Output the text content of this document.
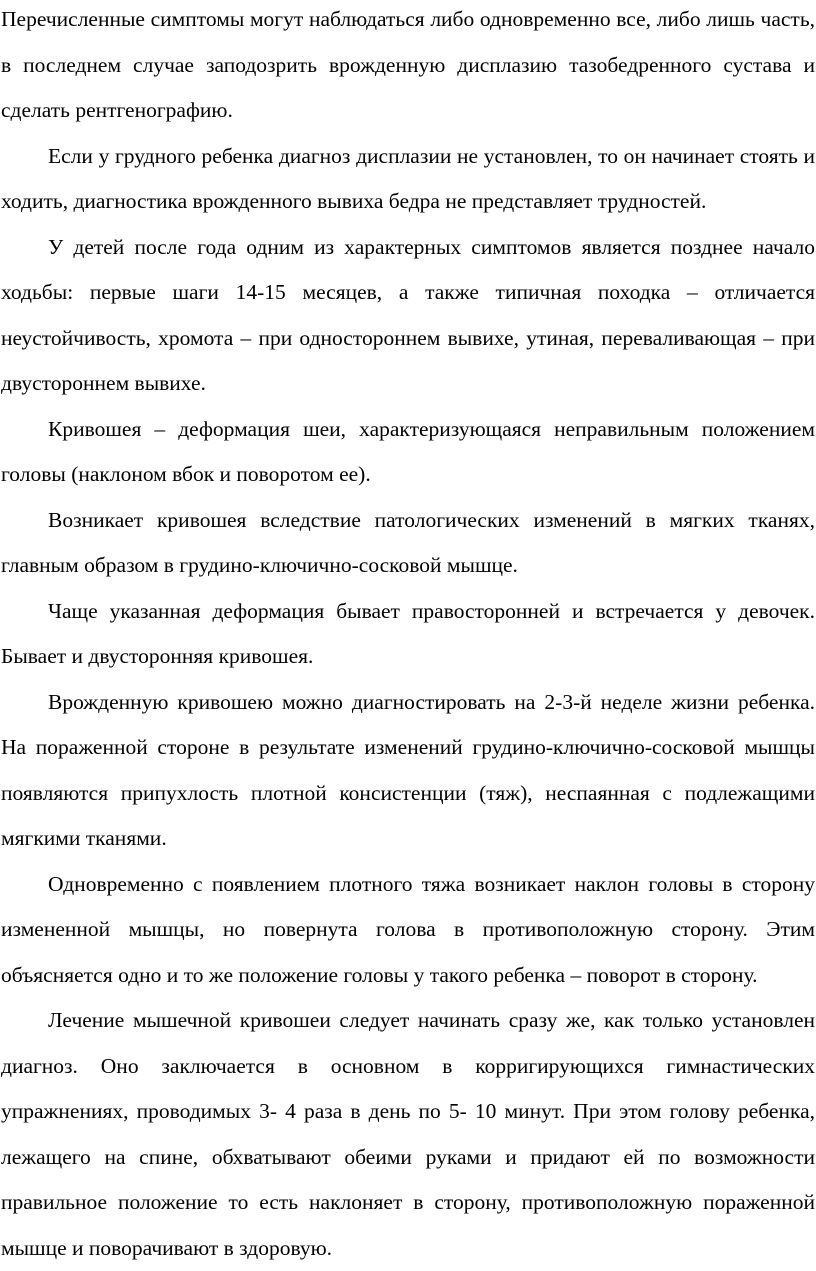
Перечисленные симптомы могут наблюдаться либо одновременно все, либо лишь часть, в последнем случае заподозрить врожденную дисплазию тазобедренного сустава и сделать рентгенографию.

Если у грудного ребенка диагноз дисплазии не установлен, то он начинает стоять и ходить, диагностика врожденного вывиха бедра не представляет трудностей.

У детей после года одним из характерных симптомов является позднее начало ходьбы: первые шаги 14-15 месяцев, а также типичная походка – отличается неустойчивость, хромота – при одностороннем вывихе, утиная, переваливающая – при двустороннем вывихе.

Кривошея – деформация шеи, характеризующаяся неправильным положением головы (наклоном вбок и поворотом ее).

Возникает кривошея вследствие патологических изменений в мягких тканях, главным образом в грудино-ключично-сосковой мышце.

Чаще указанная деформация бывает правосторонней и встречается у девочек. Бывает и двусторонняя кривошея.

Врожденную кривошею можно диагностировать на 2-3-й неделе жизни ребенка. На пораженной стороне в результате изменений грудино-ключично-сосковой мышцы появляются припухлость плотной консистенции (тяж), неспаянная с подлежащими мягкими тканями.

Одновременно с появлением плотного тяжа возникает наклон головы в сторону измененной мышцы, но повернута голова в противоположную сторону. Этим объясняется одно и то же положение головы у такого ребенка – поворот в сторону.

Лечение мышечной кривошеи следует начинать сразу же, как только установлен диагноз. Оно заключается в основном в корригирующихся гимнастических упражнениях, проводимых 3- 4 раза в день по 5- 10 минут. При этом голову ребенка, лежащего на спине, обхватывают обеими руками и придают ей по возможности правильное положение то есть наклоняет в сторону, противоположную пораженной мышце и поворачивают в здоровую.
